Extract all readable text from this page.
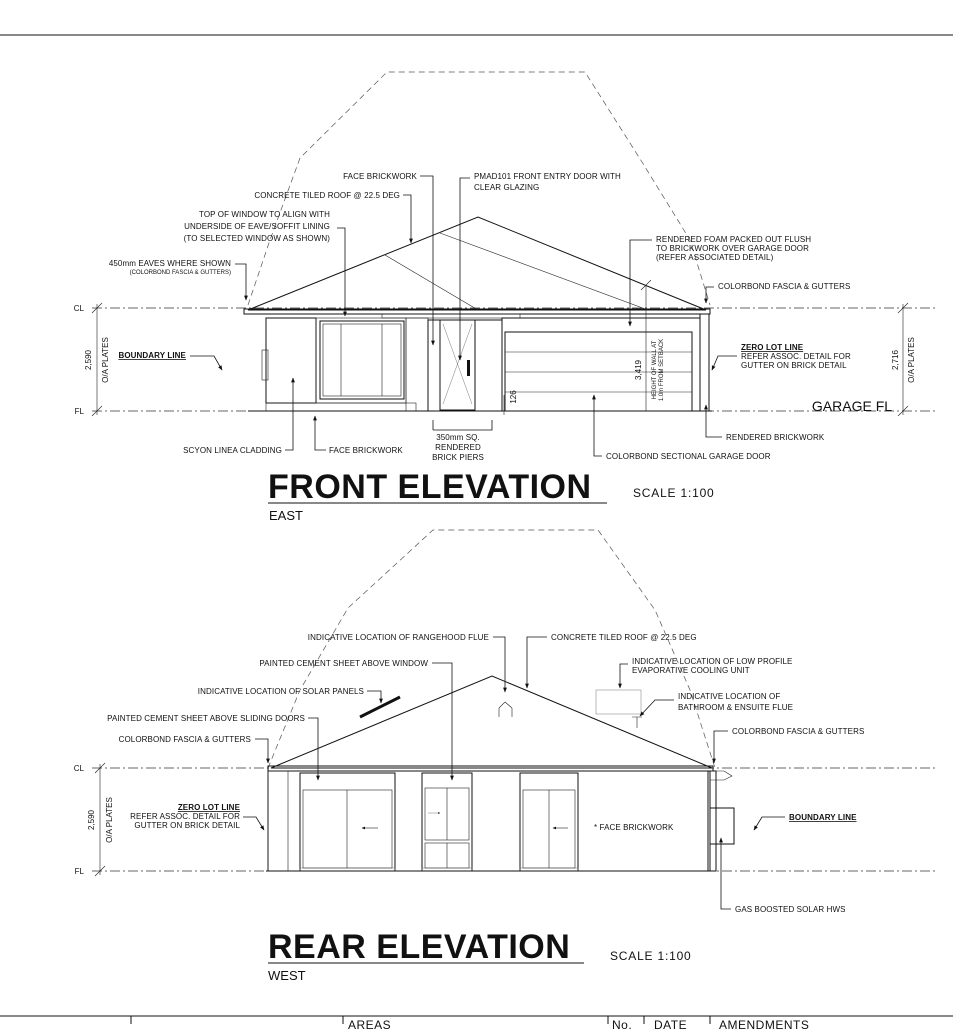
CL
FL
2,590 O/A PLATES	2,716 O/A PLATES
3,419 HEIGHT OF WALL AT 1.0m FROM SETBACK
126
FACE BRICKWORK
CONCRETE TILED ROOF @ 22.5 DEG
PMAD101 FRONT ENTRY DOOR WITH
CLEAR GLAZING
TOP OF WINDOW TO ALIGN WITH
UNDERSIDE OF EAVE/SOFFIT LINING
(TO SELECTED WINDOW AS SHOWN)
450mm EAVES WHERE SHOWN
(COLORBOND FASCIA & GUTTERS)
RENDERED FOAM PACKED OUT FLUSH
TO BRICKWORK OVER GARAGE DOOR
(REFER ASSOCIATED DETAIL)
COLORBOND FASCIA & GUTTERS
BOUNDARY LINE
ZERO LOT LINE
REFER ASSOC. DETAIL FOR
GUTTER ON BRICK DETAIL
GARAGE FL
SCYON LINEA CLADDING	FACE BRICKWORK
350mm SQ.
RENDERED
BRICK PIERS
RENDERED BRICKWORK
COLORBOND SECTIONAL GARAGE DOOR
FRONT ELEVATION	SCALE 1:100
EAST
CL
FL
2,590 O/A PLATES
INDICATIVE LOCATION OF RANGEHOOD FLUE	CONCRETE TILED ROOF @ 22.5 DEG
PAINTED CEMENT SHEET ABOVE WINDOW	INDICATIVE LOCATION OF LOW PROFILE
EVAPORATIVE COOLING UNIT
INDICATIVE LOCATION OF SOLAR PANELS
INDICATIVE LOCATION OF
BATHROOM & ENSUITE FLUE
PAINTED CEMENT SHEET ABOVE SLIDING DOORS
COLORBOND FASCIA & GUTTERS
COLORBOND FASCIA & GUTTERS
ZERO LOT LINE
REFER ASSOC. DETAIL FOR
GUTTER ON BRICK DETAIL	* FACE BRICKWORK
BOUNDARY LINE
GAS BOOSTED SOLAR HWS
REAR ELEVATION	SCALE 1:100
WEST
AREAS	No. DATE	AMENDMENTS
